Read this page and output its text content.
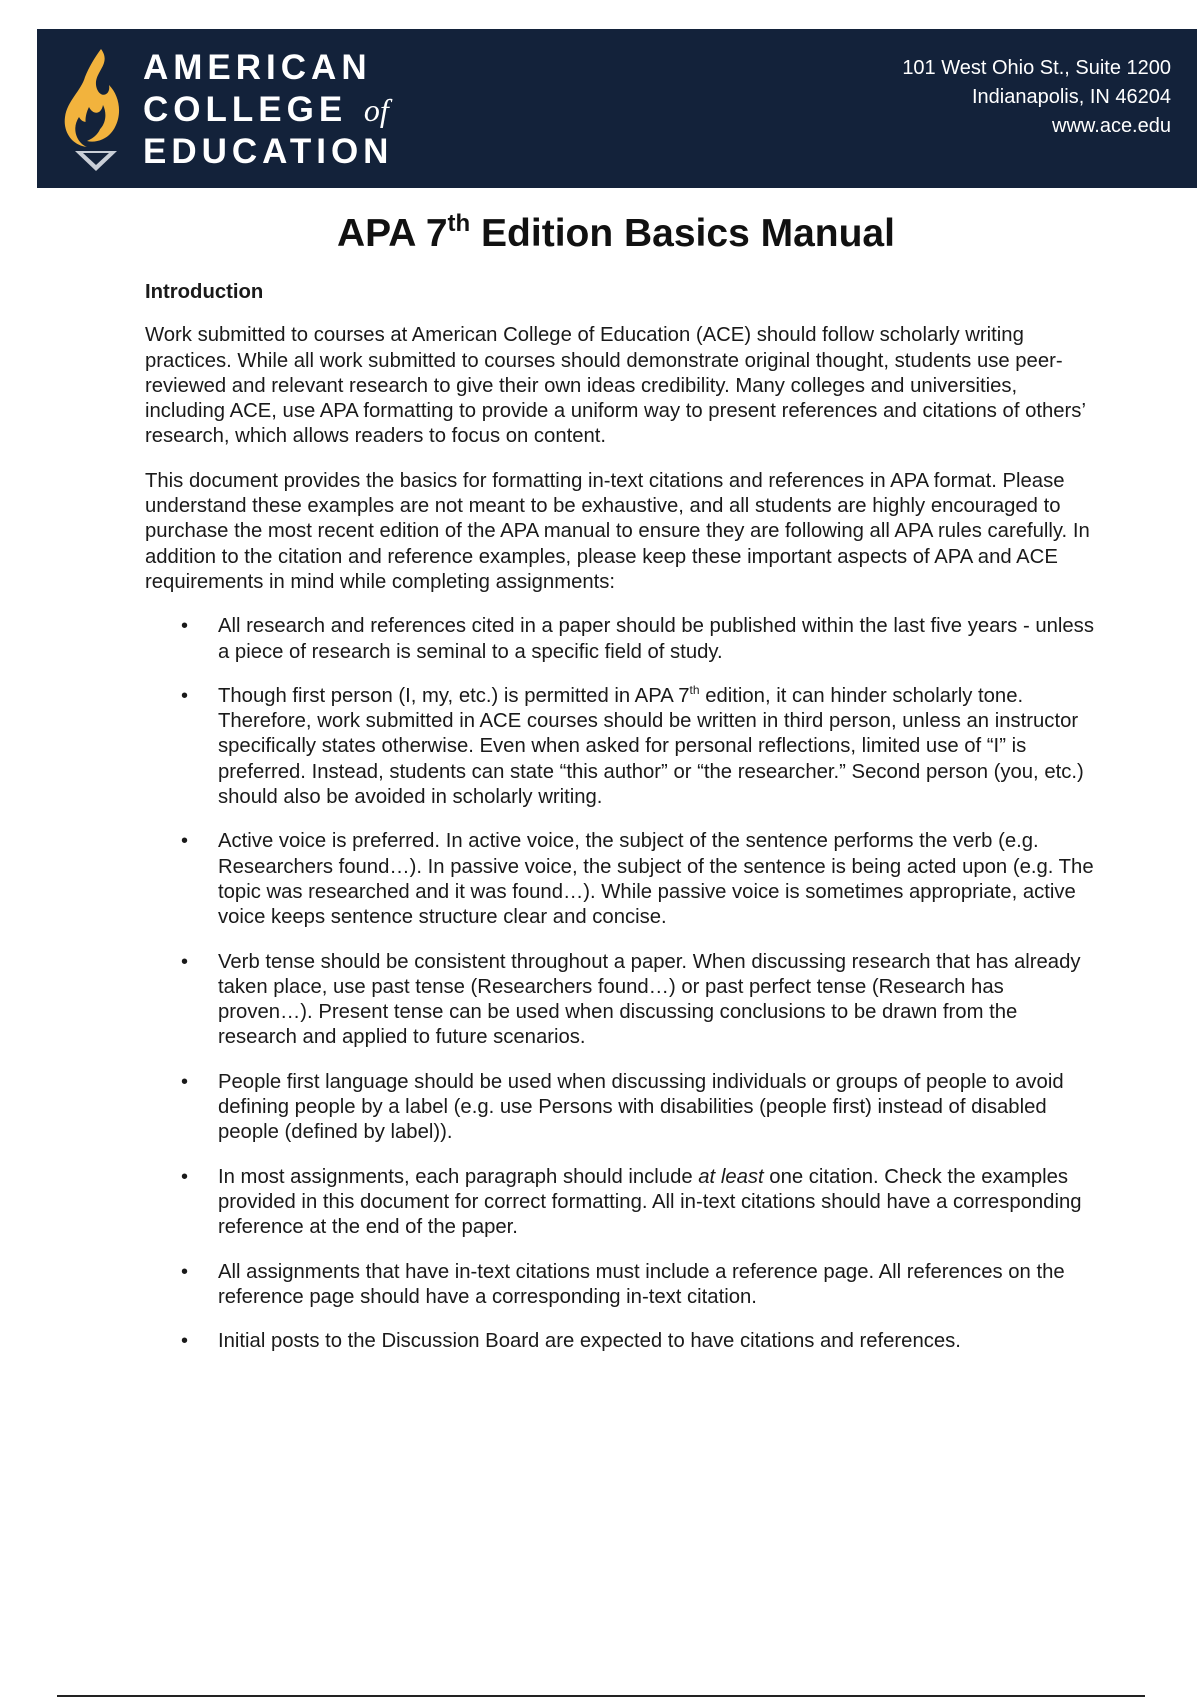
AMERICAN
COLLEGE of
EDUCATION
101 West Ohio St., Suite 1200
Indianapolis, IN 46204
www.ace.edu
APA 7th Edition Basics Manual
Introduction

Work submitted to courses at American College of Education (ACE) should follow scholarly writing practices. While all work submitted to courses should demonstrate original thought, students use peer-reviewed and relevant research to give their own ideas credibility. Many colleges and universities, including ACE, use APA formatting to provide a uniform way to present references and citations of others’ research, which allows readers to focus on content.

This document provides the basics for formatting in-text citations and references in APA format. Please understand these examples are not meant to be exhaustive, and all students are highly encouraged to purchase the most recent edition of the APA manual to ensure they are following all APA rules carefully. In addition to the citation and reference examples, please keep these important aspects of APA and ACE requirements in mind while completing assignments:

• All research and references cited in a paper should be published within the last five years - unless a piece of research is seminal to a specific field of study.
• Though first person (I, my, etc.) is permitted in APA 7th edition, it can hinder scholarly tone. Therefore, work submitted in ACE courses should be written in third person, unless an instructor specifically states otherwise. Even when asked for personal reflections, limited use of “I” is preferred. Instead, students can state “this author” or “the researcher.” Second person (you, etc.) should also be avoided in scholarly writing.
• Active voice is preferred. In active voice, the subject of the sentence performs the verb (e.g. Researchers found…). In passive voice, the subject of the sentence is being acted upon (e.g. The topic was researched and it was found…). While passive voice is sometimes appropriate, active voice keeps sentence structure clear and concise.
• Verb tense should be consistent throughout a paper. When discussing research that has already taken place, use past tense (Researchers found…) or past perfect tense (Research has proven…). Present tense can be used when discussing conclusions to be drawn from the research and applied to future scenarios.
• People first language should be used when discussing individuals or groups of people to avoid defining people by a label (e.g. use Persons with disabilities (people first) instead of disabled people (defined by label)).
• In most assignments, each paragraph should include at least one citation. Check the examples provided in this document for correct formatting. All in-text citations should have a corresponding reference at the end of the paper.
• All assignments that have in-text citations must include a reference page. All references on the reference page should have a corresponding in-text citation.
• Initial posts to the Discussion Board are expected to have citations and references.
